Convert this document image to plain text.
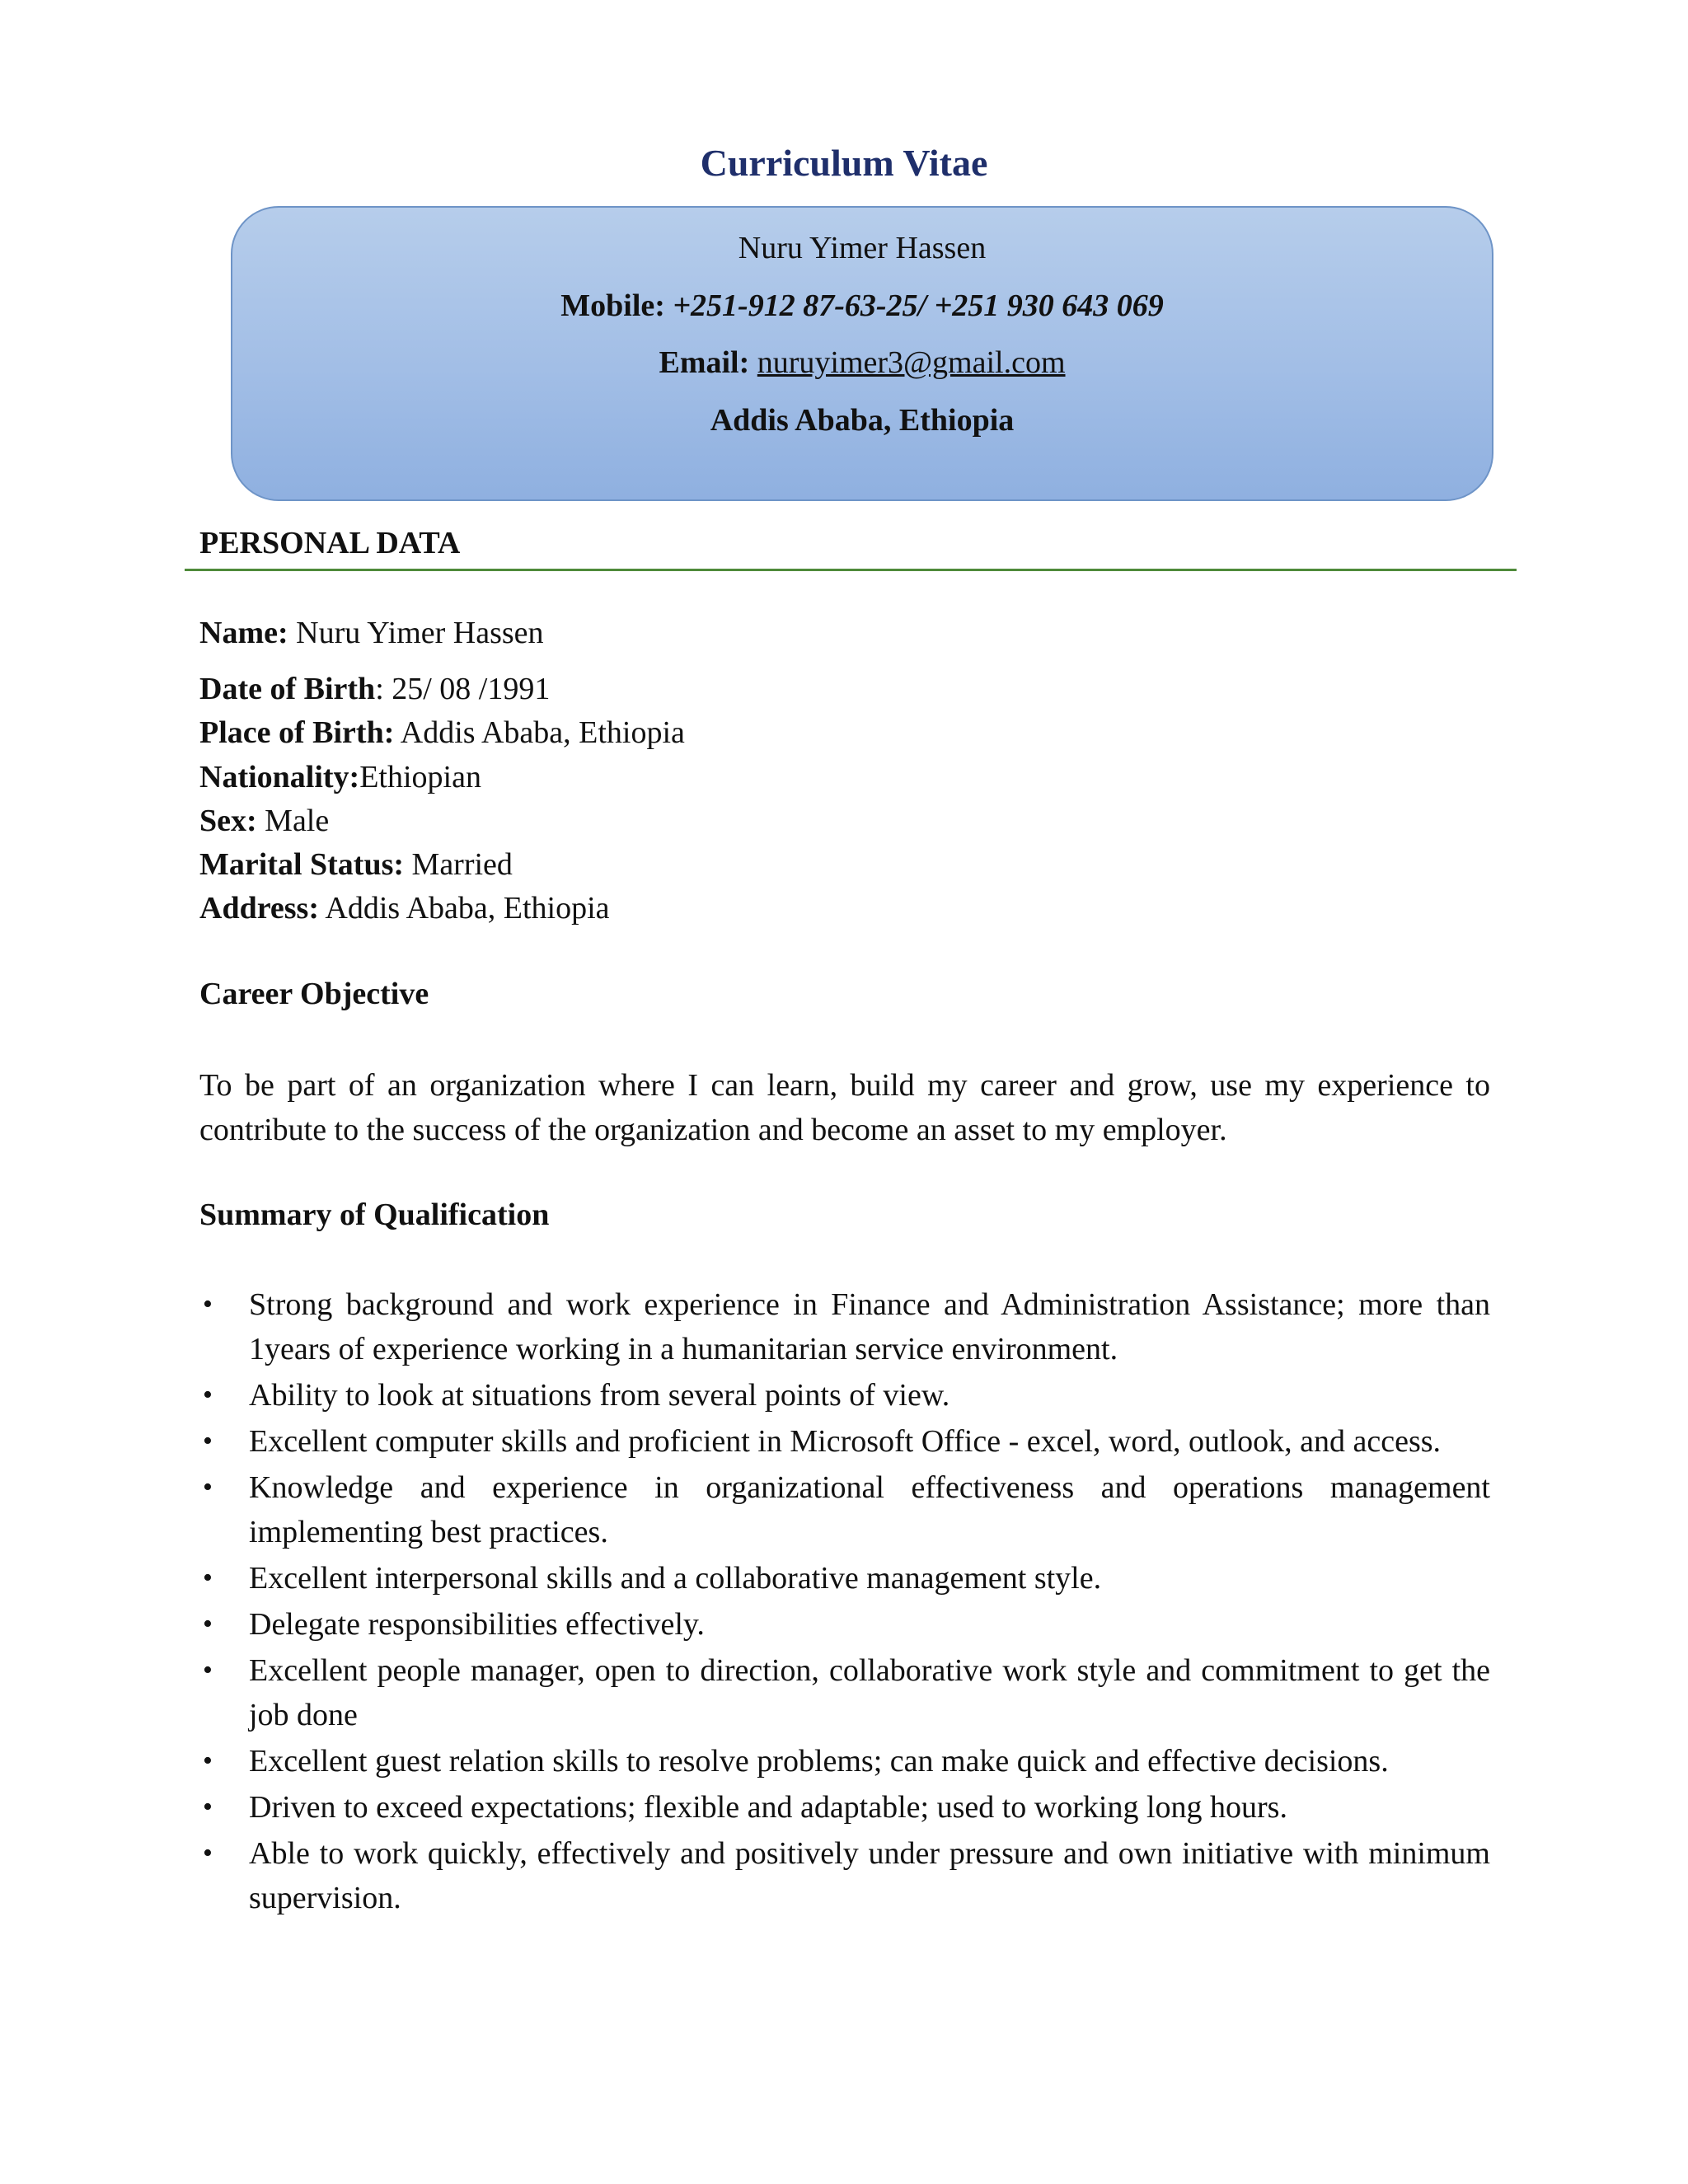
Curriculum Vitae
Nuru Yimer Hassen
Mobile: +251-912 87-63-25/ +251 930 643 069
Email: nuruyimer3@gmail.com
Addis Ababa, Ethiopia
PERSONAL DATA
Name: Nuru Yimer Hassen
Date of Birth: 25/ 08 /1991
Place of Birth: Addis Ababa, Ethiopia
Nationality:Ethiopian
Sex: Male
Marital Status: Married
Address: Addis Ababa, Ethiopia
Career Objective
To be part of an organization where I can learn, build my career and grow, use my experience to contribute to the success of the organization and become an asset to my employer.
Summary of Qualification
• Strong background and work experience in Finance and Administration Assistance; more than 1years of experience working in a humanitarian service environment.
• Ability to look at situations from several points of view.
• Excellent computer skills and proficient in Microsoft Office - excel, word, outlook, and access.
• Knowledge and experience in organizational effectiveness and operations management implementing best practices.
• Excellent interpersonal skills and a collaborative management style.
• Delegate responsibilities effectively.
• Excellent people manager, open to direction, collaborative work style and commitment to get the job done
• Excellent guest relation skills to resolve problems; can make quick and effective decisions.
• Driven to exceed expectations; flexible and adaptable; used to working long hours.
• Able to work quickly, effectively and positively under pressure and own initiative with minimum supervision.
